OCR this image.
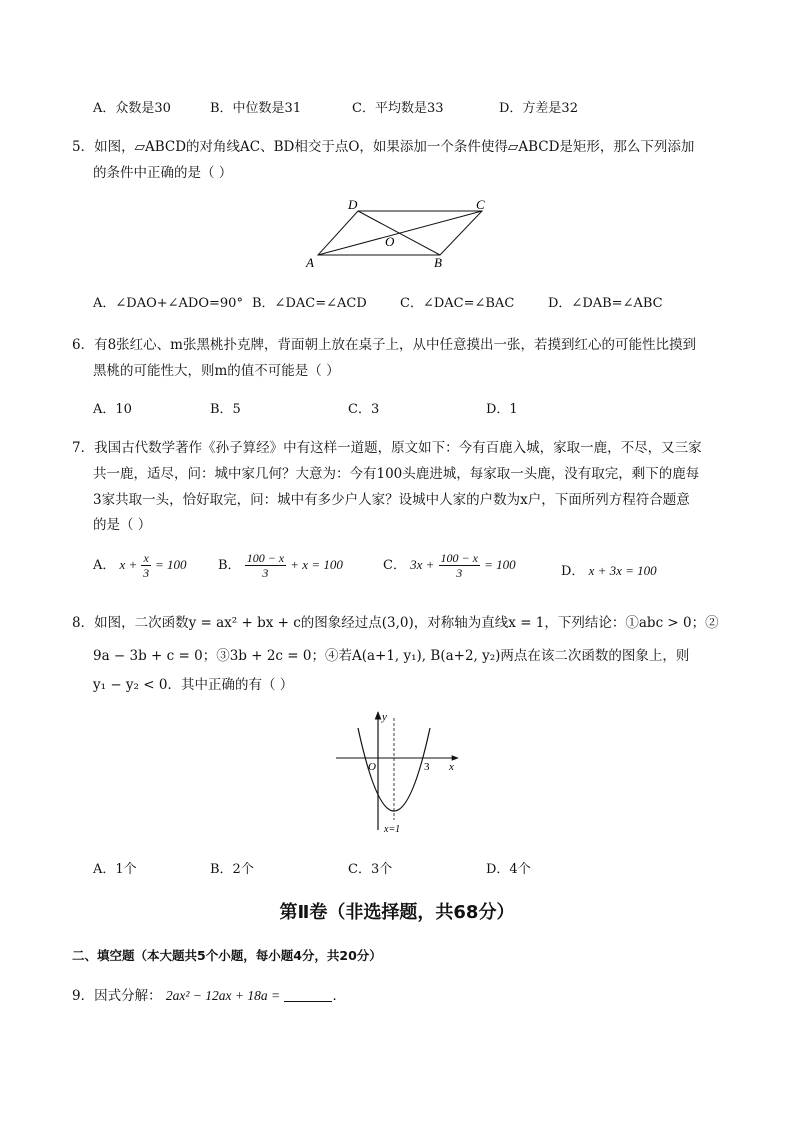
A．众数是30	B．中位数是31	C．平均数是33	D．方差是32
5．如图，▱ABCD的对角线AC、BD相交于点O，如果添加一个条件使得▱ABCD是矩形，那么下列添加
的条件中正确的是（ ）
D	C
O
A	B
A．∠DAO+∠ADO=90° B．∠DAC=∠ACD	C．∠DAC=∠BAC	D．∠DAB=∠ABC
6．有8张红心、m张黑桃扑克牌，背面朝上放在桌子上，从中任意摸出一张，若摸到红心的可能性比摸到
黑桃的可能性大，则m的值不可能是（ ）
A．10	B．5	C．3	D．1
7．我国古代数学著作《孙子算经》中有这样一道题，原文如下：今有百鹿入城，家取一鹿，不尽，又三家
共一鹿，适尽，问：城中家几何？大意为：今有100头鹿进城，每家取一头鹿，没有取完，剩下的鹿每
3家共取一头，恰好取完，问：城中有多少户人家？设城中人家的户数为x户，下面所列方程符合题意
的是（ ）
A． $x + \frac{x}{3} = 100$ B． $\frac{100 - x}{3} + x = 100$	C． $3x + \frac{100 - x}{3} = 100$	D． x + 3x = 100
8．如图，二次函数y = ax² + bx + c的图象经过点(3,0)，对称轴为直线x = 1，下列结论：①abc > 0；②
9a − 3b + c = 0；③3b + 2c = 0；④若A(a+1, y₁), B(a+2, y₂)两点在该二次函数的图象上，则
y₁ − y₂ < 0．其中正确的有（ ）
y
x
O	3
x=1
A．1个	B．2个	C．3个	D．4个
第Ⅱ卷（非选择题，共68分）
二、填空题（本大题共5个小题，每小题4分，共20分）
9．因式分解： 2ax² − 12ax + 18a =	．
